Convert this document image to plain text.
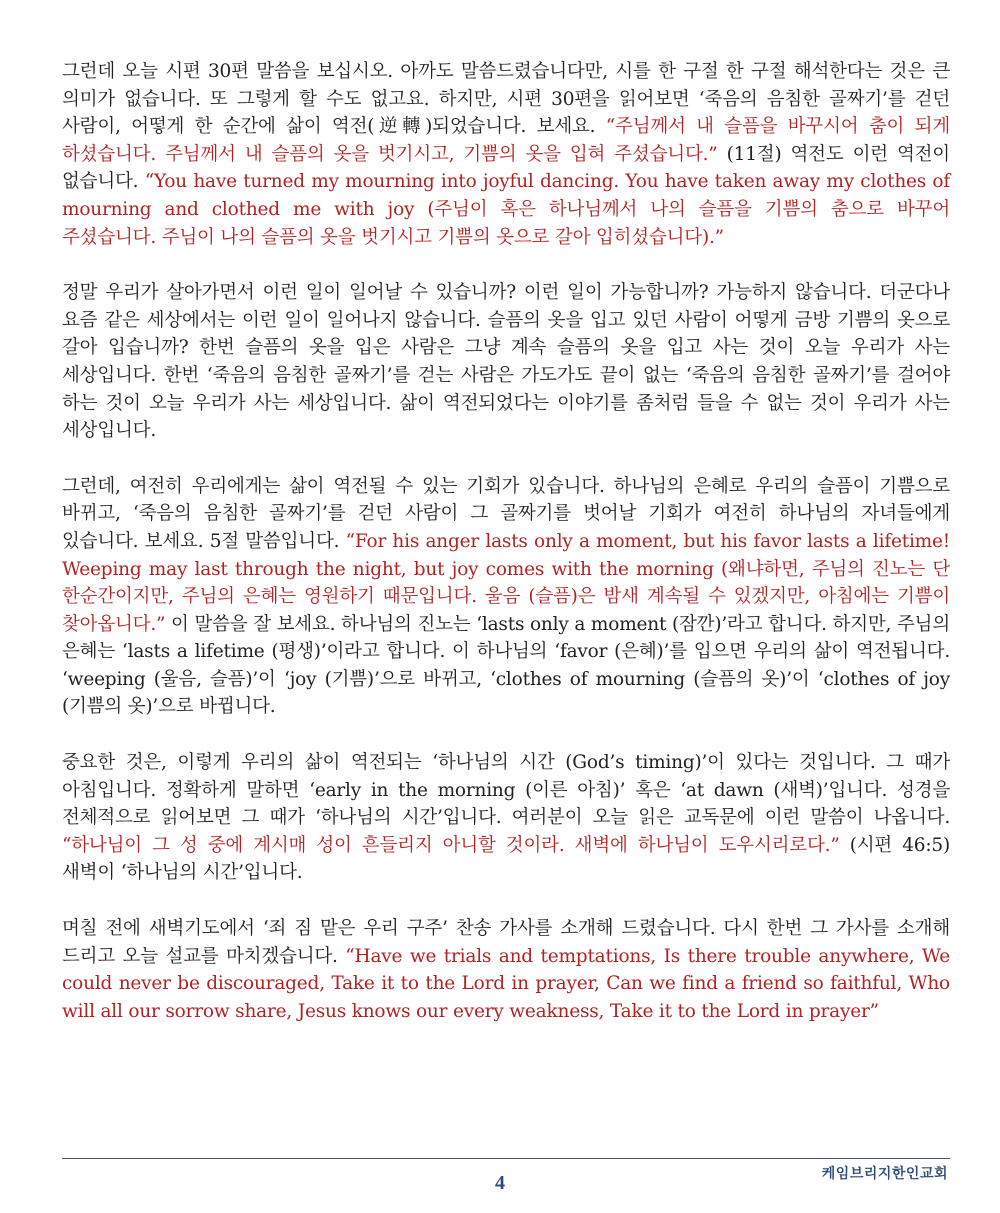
그런데 오늘 시편 30편 말씀을 보십시오. 아까도 말씀드렸습니다만, 시를 한 구절 한 구절 해석한다는 것은 큰 의미가 없습니다. 또 그렇게 할 수도 없고요. 하지만, 시편 30편을 읽어보면 ‘죽음의 음침한 골짜기’를 걷던 사람이, 어떻게 한 순간에 삶이 역전(逆轉)되었습니다. 보세요. “주님께서 내 슬픔을 바꾸시어 춤이 되게 하셨습니다. 주님께서 내 슬픔의 옷을 벗기시고, 기쁨의 옷을 입혀 주셨습니다.” (11절) 역전도 이런 역전이 없습니다. “You have turned my mourning into joyful dancing. You have taken away my clothes of mourning and clothed me with joy (주님이 혹은 하나님께서 나의 슬픔을 기쁨의 춤으로 바꾸어 주셨습니다. 주님이 나의 슬픔의 옷을 벗기시고 기쁨의 옷으로 갈아 입히셨습니다).”

정말 우리가 살아가면서 이런 일이 일어날 수 있습니까? 이런 일이 가능합니까? 가능하지 않습니다. 더군다나 요즘 같은 세상에서는 이런 일이 일어나지 않습니다. 슬픔의 옷을 입고 있던 사람이 어떻게 금방 기쁨의 옷으로 갈아 입습니까? 한번 슬픔의 옷을 입은 사람은 그냥 계속 슬픔의 옷을 입고 사는 것이 오늘 우리가 사는 세상입니다. 한번 ‘죽음의 음침한 골짜기’를 걷는 사람은 가도가도 끝이 없는 ‘죽음의 음침한 골짜기’를 걸어야 하는 것이 오늘 우리가 사는 세상입니다. 삶이 역전되었다는 이야기를 좀처럼 들을 수 없는 것이 우리가 사는 세상입니다.

그런데, 여전히 우리에게는 삶이 역전될 수 있는 기회가 있습니다. 하나님의 은혜로 우리의 슬픔이 기쁨으로 바뀌고, ‘죽음의 음침한 골짜기’를 걷던 사람이 그 골짜기를 벗어날 기회가 여전히 하나님의 자녀들에게 있습니다. 보세요. 5절 말씀입니다. “For his anger lasts only a moment, but his favor lasts a lifetime! Weeping may last through the night, but joy comes with the morning (왜냐하면, 주님의 진노는 단 한순간이지만, 주님의 은혜는 영원하기 때문입니다. 울음 (슬픔)은 밤새 계속될 수 있겠지만, 아침에는 기쁨이 찾아옵니다.” 이 말씀을 잘 보세요. 하나님의 진노는 ‘lasts only a moment (잠깐)’라고 합니다. 하지만, 주님의 은혜는 ‘lasts a lifetime (평생)’이라고 합니다. 이 하나님의 ‘favor (은혜)’를 입으면 우리의 삶이 역전됩니다. ‘weeping (울음, 슬픔)’이 ‘joy (기쁨)’으로 바뀌고, ‘clothes of mourning (슬픔의 옷)’이 ‘clothes of joy (기쁨의 옷)’으로 바뀝니다.

중요한 것은, 이렇게 우리의 삶이 역전되는 ‘하나님의 시간 (God’s timing)’이 있다는 것입니다. 그 때가 아침입니다. 정확하게 말하면 ‘early in the morning (이른 아침)’ 혹은 ‘at dawn (새벽)’입니다. 성경을 전체적으로 읽어보면 그 때가 ‘하나님의 시간’입니다. 여러분이 오늘 읽은 교독문에 이런 말씀이 나옵니다. “하나님이 그 성 중에 계시매 성이 흔들리지 아니할 것이라. 새벽에 하나님이 도우시리로다.” (시편 46:5) 새벽이 ‘하나님의 시간’입니다.

며칠 전에 새벽기도에서 ‘죄 짐 맡은 우리 구주’ 찬송 가사를 소개해 드렸습니다. 다시 한번 그 가사를 소개해 드리고 오늘 설교를 마치겠습니다. “Have we trials and temptations, Is there trouble anywhere, We could never be discouraged, Take it to the Lord in prayer, Can we find a friend so faithful, Who will all our sorrow share, Jesus knows our every weakness, Take it to the Lord in prayer”

4	케임브리지한인교회
